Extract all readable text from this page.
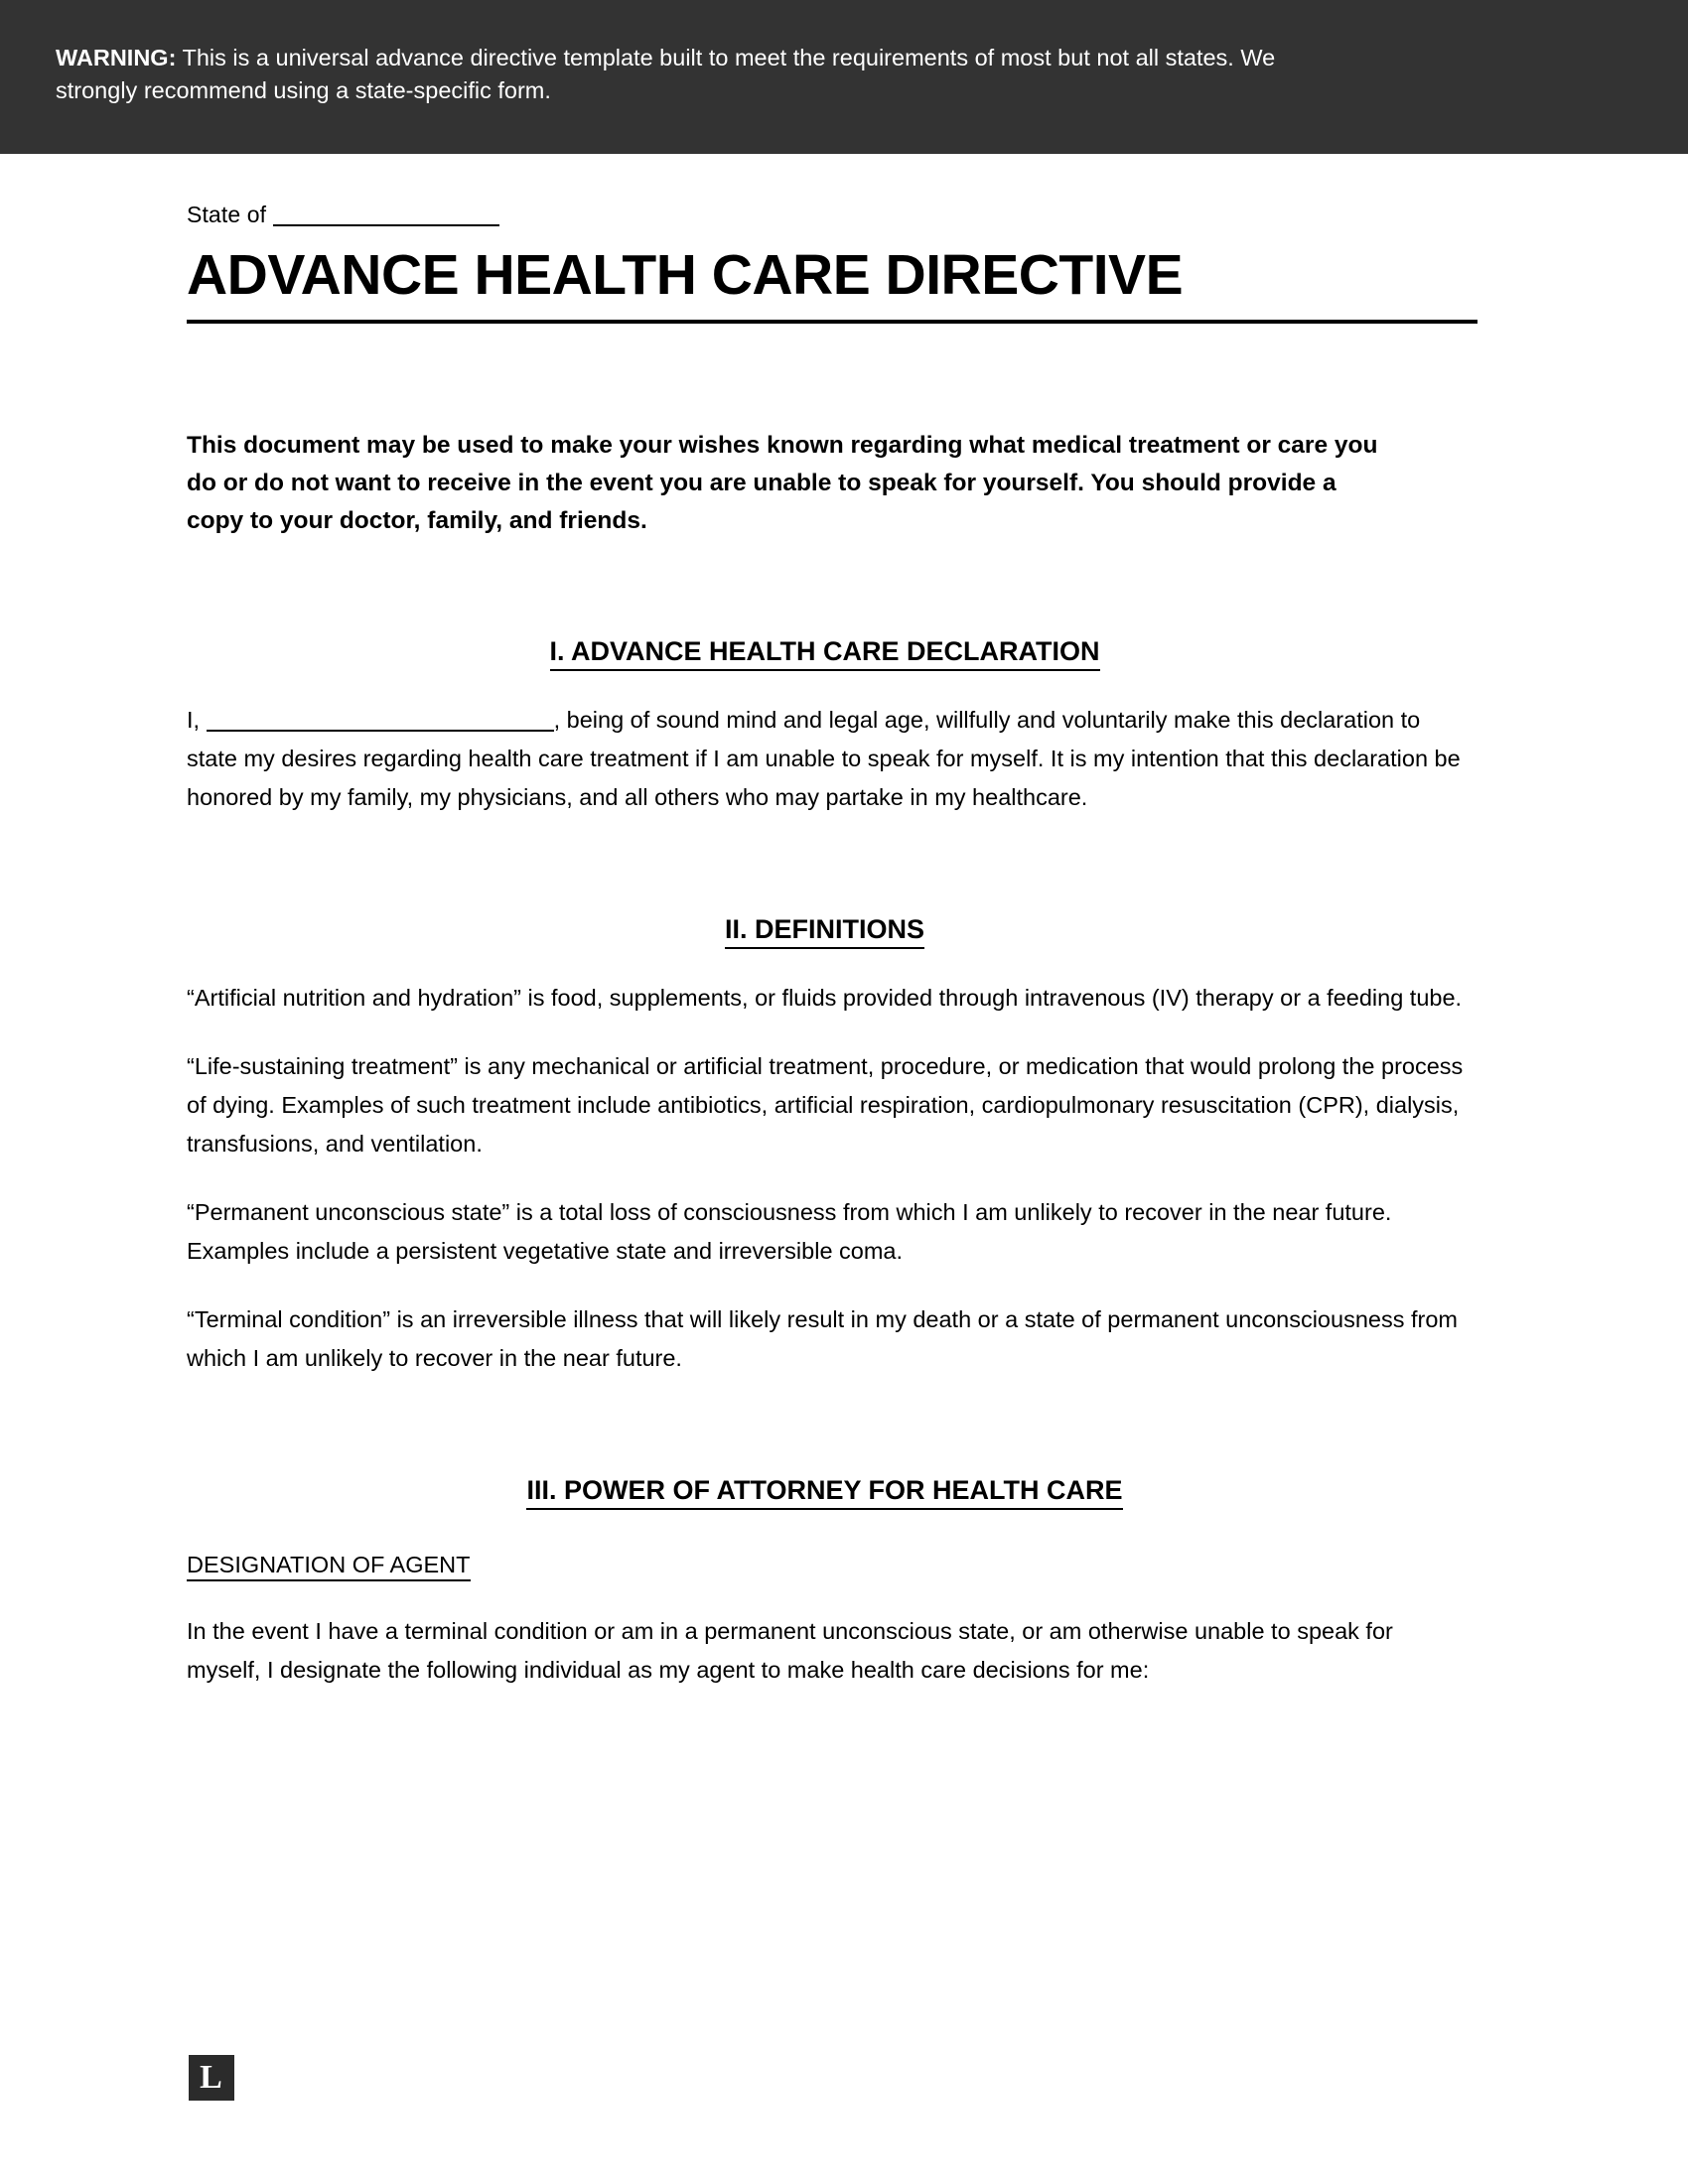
WARNING: This is a universal advance directive template built to meet the requirements of most but not all states. We strongly recommend using a state-specific form.
State of
ADVANCE HEALTH CARE DIRECTIVE
This document may be used to make your wishes known regarding what medical treatment or care you do or do not want to receive in the event you are unable to speak for yourself. You should provide a copy to your doctor, family, and friends.
I. ADVANCE HEALTH CARE DECLARATION
I,	, being of sound mind and legal age, willfully and voluntarily make this declaration to state my desires regarding health care treatment if I am unable to speak for myself. It is my intention that this declaration be honored by my family, my physicians, and all others who may partake in my healthcare.
II. DEFINITIONS
“Artificial nutrition and hydration” is food, supplements, or fluids provided through intravenous (IV) therapy or a feeding tube.
“Life-sustaining treatment” is any mechanical or artificial treatment, procedure, or medication that would prolong the process of dying. Examples of such treatment include antibiotics, artificial respiration, cardiopulmonary resuscitation (CPR), dialysis, transfusions, and ventilation.
“Permanent unconscious state” is a total loss of consciousness from which I am unlikely to recover in the near future. Examples include a persistent vegetative state and irreversible coma.
“Terminal condition” is an irreversible illness that will likely result in my death or a state of permanent unconsciousness from which I am unlikely to recover in the near future.
III. POWER OF ATTORNEY FOR HEALTH CARE
DESIGNATION OF AGENT
In the event I have a terminal condition or am in a permanent unconscious state, or am otherwise unable to speak for myself, I designate the following individual as my agent to make health care decisions for me:
L
